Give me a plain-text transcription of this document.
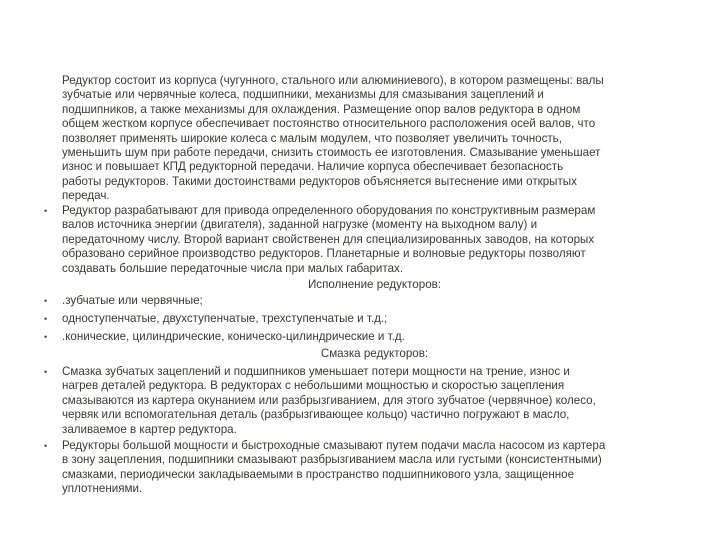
Редуктор состоит из корпуса (чугунного, стального или алюминиевого), в котором размещены: валы
зубчатые или червячные колеса, подшипники, механизмы для смазывания зацеплений и
подшипников, а также механизмы для охлаждения. Размещение опор валов редуктора в одном
общем жестком корпусе обеспечивает постоянство относительного расположения осей валов, что
позволяет применять широкие колеса с малым модулем, что позволяет увеличить точность,
уменьшить шум при работе передачи, снизить стоимость ее изготовления. Смазывание уменьшает
износ и повышает КПД редукторной передачи. Наличие корпуса обеспечивает безопасность
работы редукторов. Такими достоинствами редукторов объясняется вытеснение ими открытых
передач.

•	Редуктор разрабатывают для привода определенного оборудования по конструктивным размерам
валов источника энергии (двигателя), заданной нагрузке (моменту на выходном валу) и
передаточному числу. Второй вариант свойственен для специализированных заводов, на которых
образовано серийное производство редукторов. Планетарные и волновые редукторы позволяют
создавать большие передаточные числа при малых габаритах.

Исполнение редукторов:

•	.зубчатые или червячные;

•	одноступенчатые, двухступенчатые, трехступенчатые и т.д.;

•	.конические, цилиндрические, коническо-цилиндрические и т.д.

Смазка редукторов:

•	Смазка зубчатых зацеплений и подшипников уменьшает потери мощности на трение, износ и
нагрев деталей редуктора. В редукторах с небольшими мощностью и скоростью зацепления
смазываются из картера окунанием или разбрызгиванием, для этого зубчатое (червячное) колесо,
червяк или вспомогательная деталь (разбрызгивающее кольцо) частично погружают в масло,
заливаемое в картер редуктора.

•	Редукторы большой мощности и быстроходные смазывают путем подачи масла насосом из картера
в зону зацепления, подшипники смазывают разбрызгиванием масла или густыми (консистентными)
смазками, периодически закладываемыми в пространство подшипникового узла, защищенное
уплотнениями.
